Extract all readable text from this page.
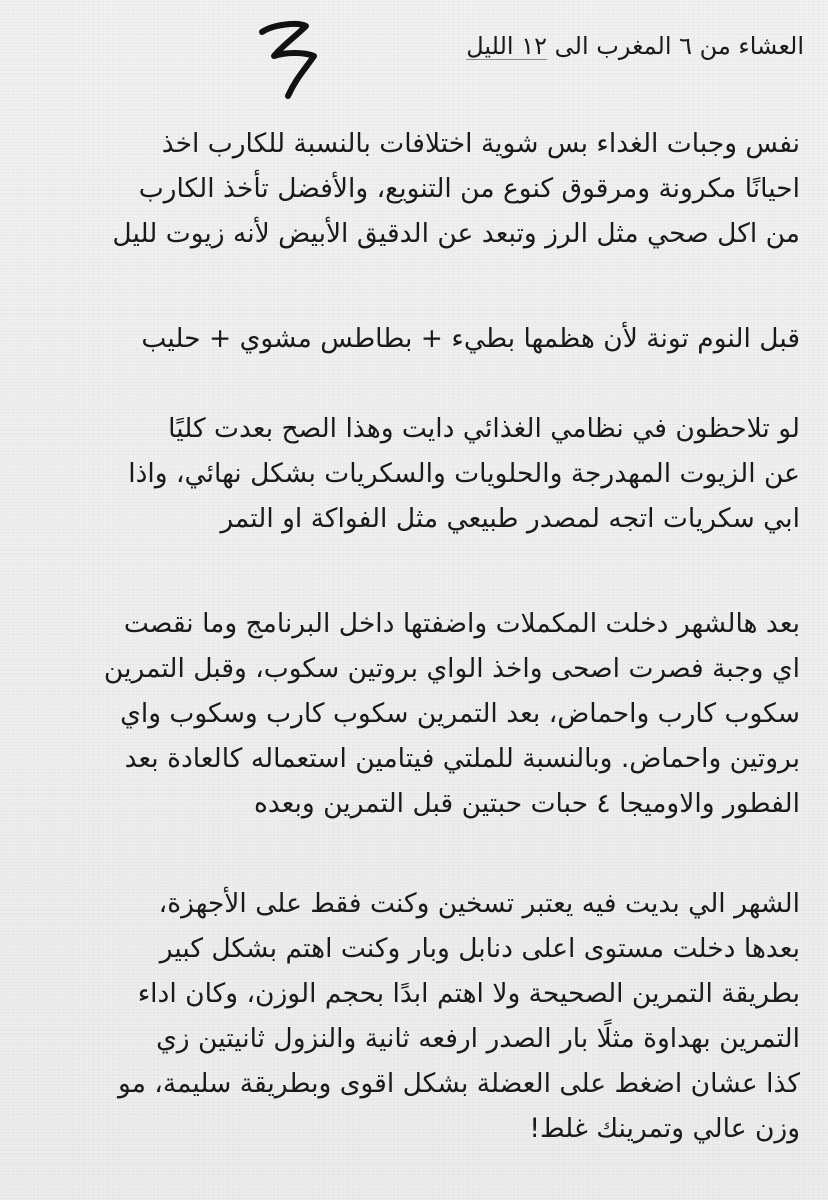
العشاء من ٦ المغرب الى ١٢ الليل
نفس وجبات الغداء بس شوية اختلافات بالنسبة للكارب اخذ
احيانًا مكرونة ومرقوق كنوع من التنويع، والأفضل تأخذ الكارب
من اكل صحي مثل الرز وتبعد عن الدقيق الأبيض لأنه زيوت لليل
قبل النوم تونة لأن هظمها بطيء + بطاطس مشوي + حليب
لو تلاحظون في نظامي الغذائي دايت وهذا الصح بعدت كليًا
عن الزيوت المهدرجة والحلويات والسكريات بشكل نهائي، واذا
ابي سكريات اتجه لمصدر طبيعي مثل الفواكة او التمر
بعد هالشهر دخلت المكملات واضفتها داخل البرنامج وما نقصت
اي وجبة فصرت اصحى واخذ الواي بروتين سكوب، وقبل التمرين
سكوب كارب واحماض، بعد التمرين سكوب كارب وسكوب واي
بروتين واحماض. وبالنسبة للملتي فيتامين استعماله كالعادة بعد
الفطور والاوميجا ٤ حبات حبتين قبل التمرين وبعده
الشهر الي بديت فيه يعتبر تسخين وكنت فقط على الأجهزة،
بعدها دخلت مستوى اعلى دنابل وبار وكنت اهتم بشكل كبير
بطريقة التمرين الصحيحة ولا اهتم ابدًا بحجم الوزن، وكان اداء
التمرين بهداوة مثلًا بار الصدر ارفعه ثانية والنزول ثانيتين زي
كذا عشان اضغط على العضلة بشكل اقوى وبطريقة سليمة، مو
وزن عالي وتمرينك غلط!
